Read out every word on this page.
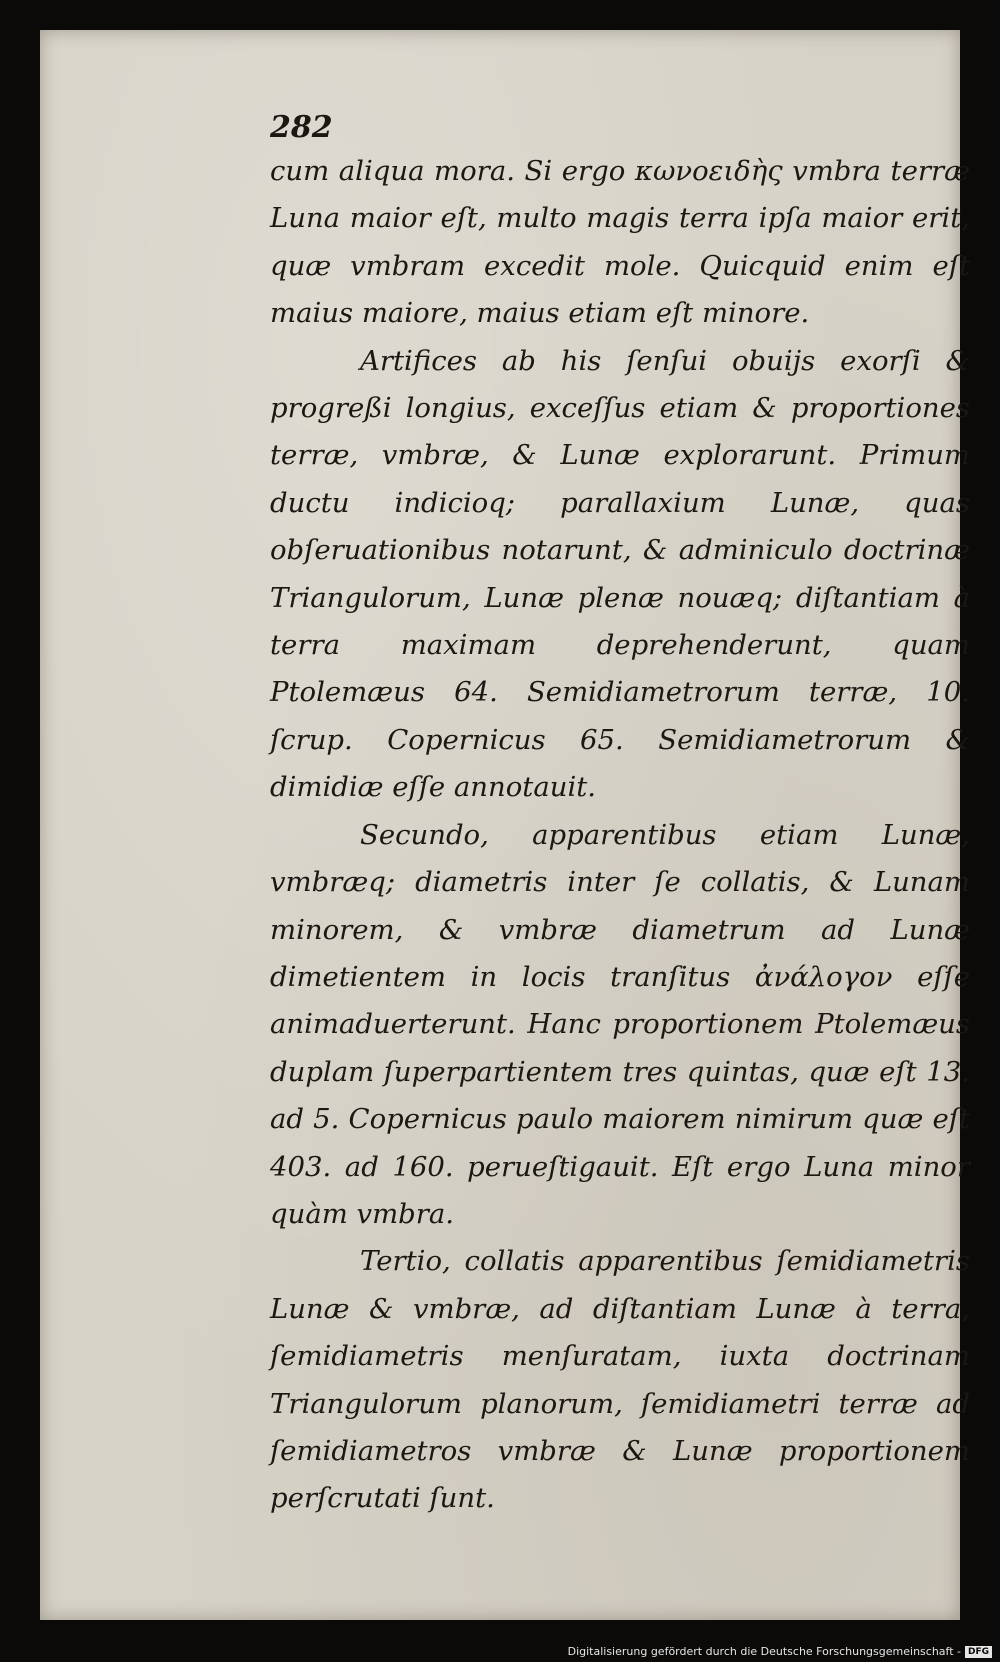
282

cum aliqua mora. Si ergo κωνοειδὴς vmbra terræ Luna maior eſt, multo magis terra ipſa maior erit, quæ vmbram excedit mole. Quicquid enim eſt maius maiore, maius etiam eſt minore.

Artifices ab his ſenſui obuijs exorſi & progreßi longius, exceſſus etiam & proportiones terræ, vmbræ, & Lunæ explorarunt. Primum ductu indicioq; parallaxium Lunæ, quas obſeruationibus notarunt, & adminiculo doctrinæ Triangulorum, Lunæ plenæ nouæq; diſtantiam à terra maximam deprehenderunt, quam Ptolemæus 64. Semidiametrorum terræ, 10. ſcrup. Copernicus 65. Semidiametrorum & dimidiæ eſſe annotauit.

Secundo, apparentibus etiam Lunæ, vmbræq; diametris inter ſe collatis, & Lunam minorem, & vmbræ diametrum ad Lunæ dimetientem in locis tranſitus ἀνάλογον eſſe animaduerterunt. Hanc proportionem Ptolemæus duplam ſuperpartientem tres quintas, quæ eſt 13. ad 5. Copernicus paulo maiorem nimirum quæ eſt 403. ad 160. perueſtigauit. Eſt ergo Luna minor quàm vmbra.

Tertio, collatis apparentibus ſemidiametris Lunæ & vmbræ, ad diſtantiam Lunæ à terra, ſemidiametris menſuratam, iuxta doctrinam Triangulorum planorum, ſemidiametri terræ ad ſemidiametros vmbræ & Lunæ proportionem perſcrutati ſunt.

Digitalisierung gefördert durch die Deutsche Forschungsgemeinschaft - DFG
